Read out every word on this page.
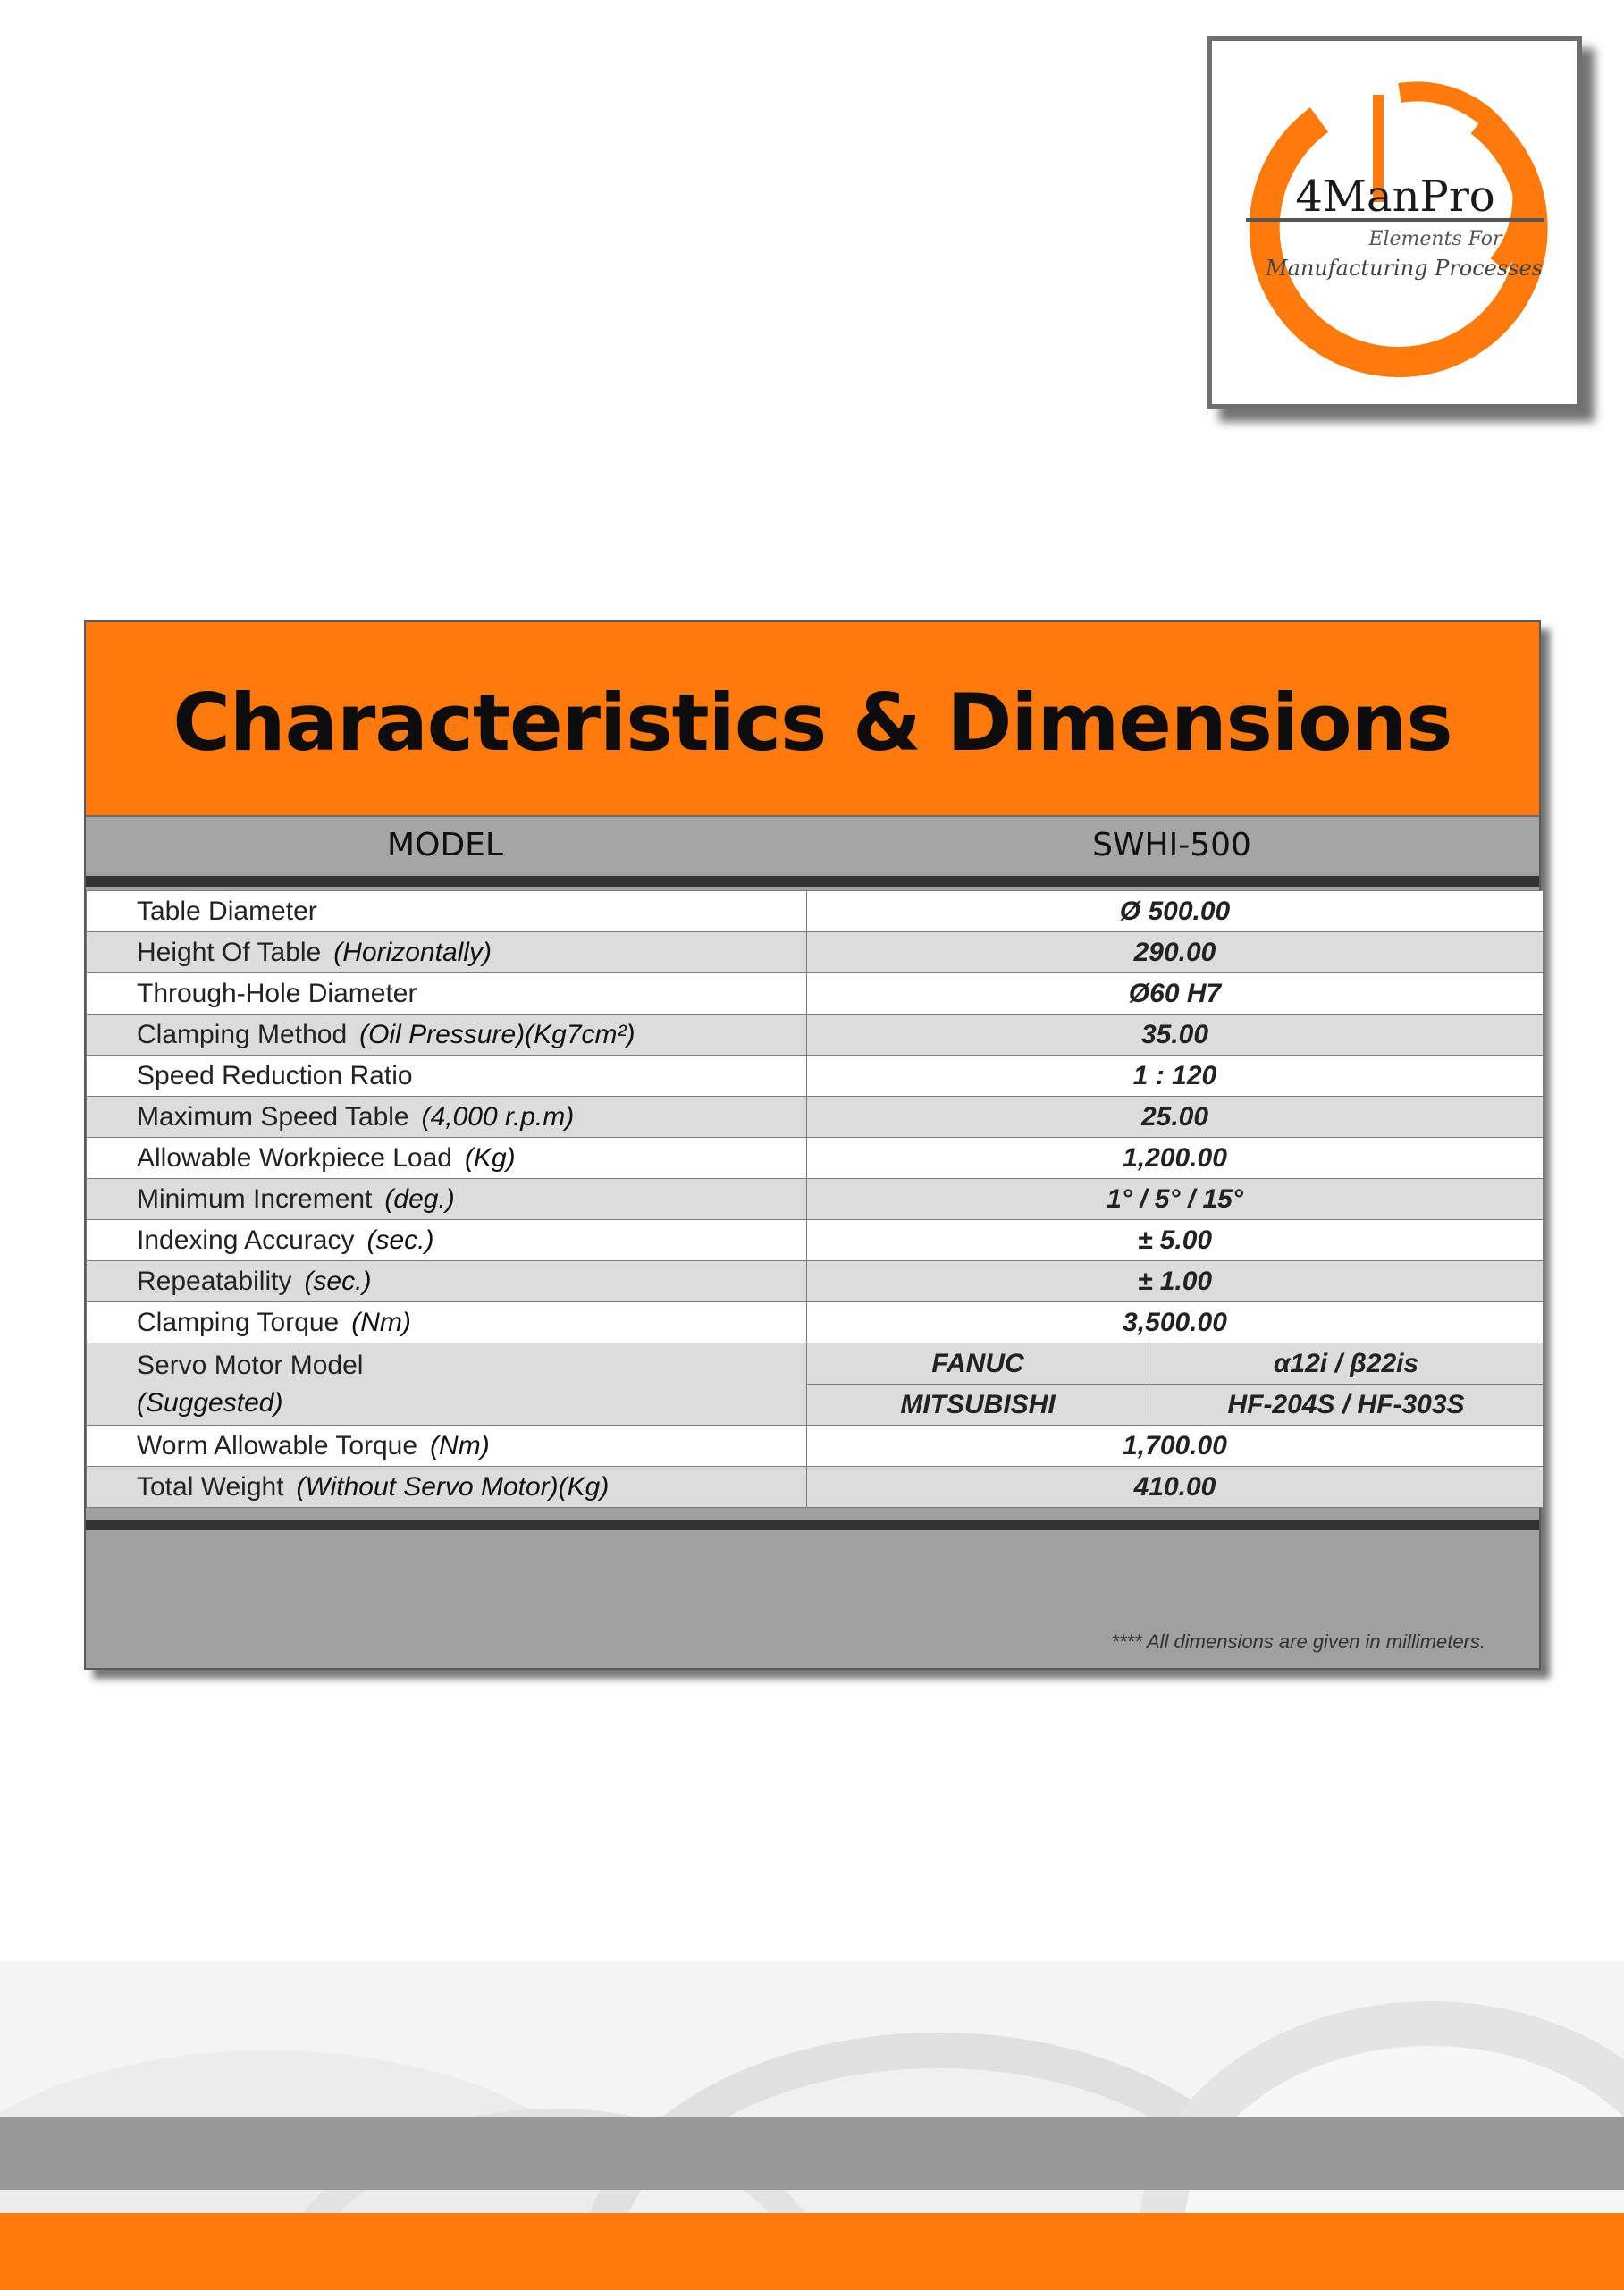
4ManPro
Elements For
Manufacturing Processes
Characteristics & Dimensions
MODEL	SWHI-500
Table Diameter	Ø 500.00	
Height Of Table (Horizontally)	290.00	
Through-Hole Diameter	Ø60 H7	
Clamping Method (Oil Pressure)(Kg7cm²)	35.00	
Speed Reduction Ratio	1 : 120	
Maximum Speed Table (4,000 r.p.m)	25.00	
Allowable Workpiece Load (Kg)	1,200.00	
Minimum Increment (deg.)	1° / 5° / 15°	
Indexing Accuracy (sec.)	± 5.00	
Repeatability (sec.)	± 1.00	
Clamping Torque (Nm)	3,500.00	

Servo Motor Model
(Suggested)	FANUC	α12i / β22is
	MITSUBISHI	HF-204S / HF-303S
Worm Allowable Torque (Nm)	1,700.00	
Total Weight (Without Servo Motor)(Kg)	410.00	
**** All dimensions are given in millimeters.
